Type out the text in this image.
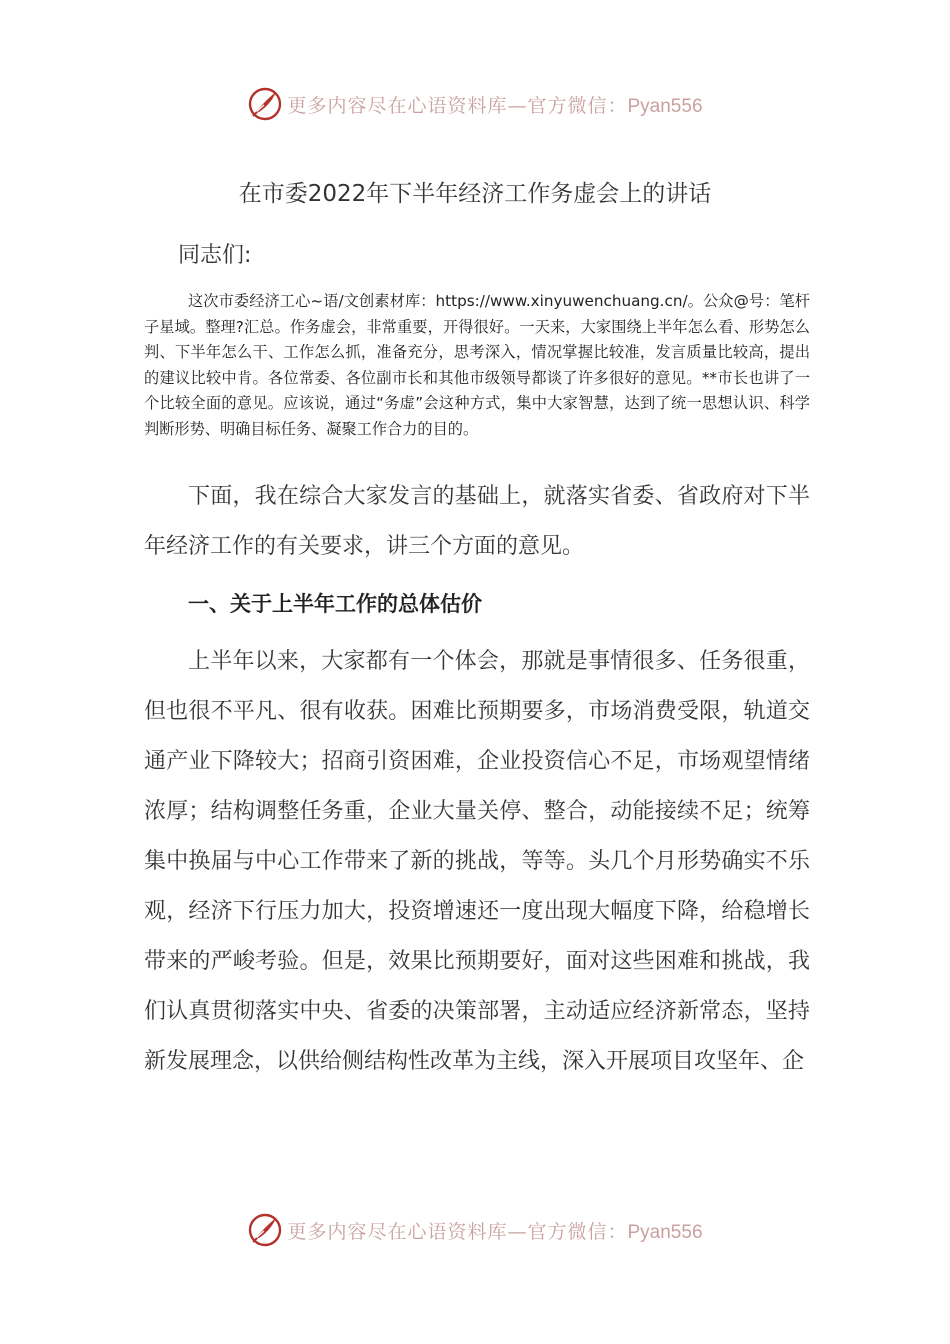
更多内容尽在心语资料库—官方微信：Pyan556
在市委2022年下半年经济工作务虚会上的讲话
同志们:

这次市委经济工心~语/文创素材库：https://www.xinyuwenchuang.cn/。公众@号：笔杆子星域。整理?汇总。作务虚会，非常重要，开得很好。一天来，大家围绕上半年怎么看、形势怎么判、下半年怎么干、工作怎么抓，准备充分，思考深入，情况掌握比较准，发言质量比较高，提出的建议比较中肯。各位常委、各位副市长和其他市级领导都谈了许多很好的意见。**市长也讲了一个比较全面的意见。应该说，通过“务虚”会这种方式，集中大家智慧，达到了统一思想认识、科学判断形势、明确目标任务、凝聚工作合力的目的。

下面，我在综合大家发言的基础上，就落实省委、省政府对下半年经济工作的有关要求，讲三个方面的意见。

一、关于上半年工作的总体估价

上半年以来，大家都有一个体会，那就是事情很多、任务很重，但也很不平凡、很有收获。困难比预期要多，市场消费受限，轨道交通产业下降较大；招商引资困难，企业投资信心不足，市场观望情绪浓厚；结构调整任务重，企业大量关停、整合，动能接续不足；统筹集中换届与中心工作带来了新的挑战，等等。头几个月形势确实不乐观，经济下行压力加大，投资增速还一度出现大幅度下降，给稳增长带来的严峻考验。但是，效果比预期要好，面对这些困难和挑战，我们认真贯彻落实中央、省委的决策部署，主动适应经济新常态，坚持新发展理念，以供给侧结构性改革为主线，深入开展项目攻坚年、企

更多内容尽在心语资料库—官方微信：Pyan556
